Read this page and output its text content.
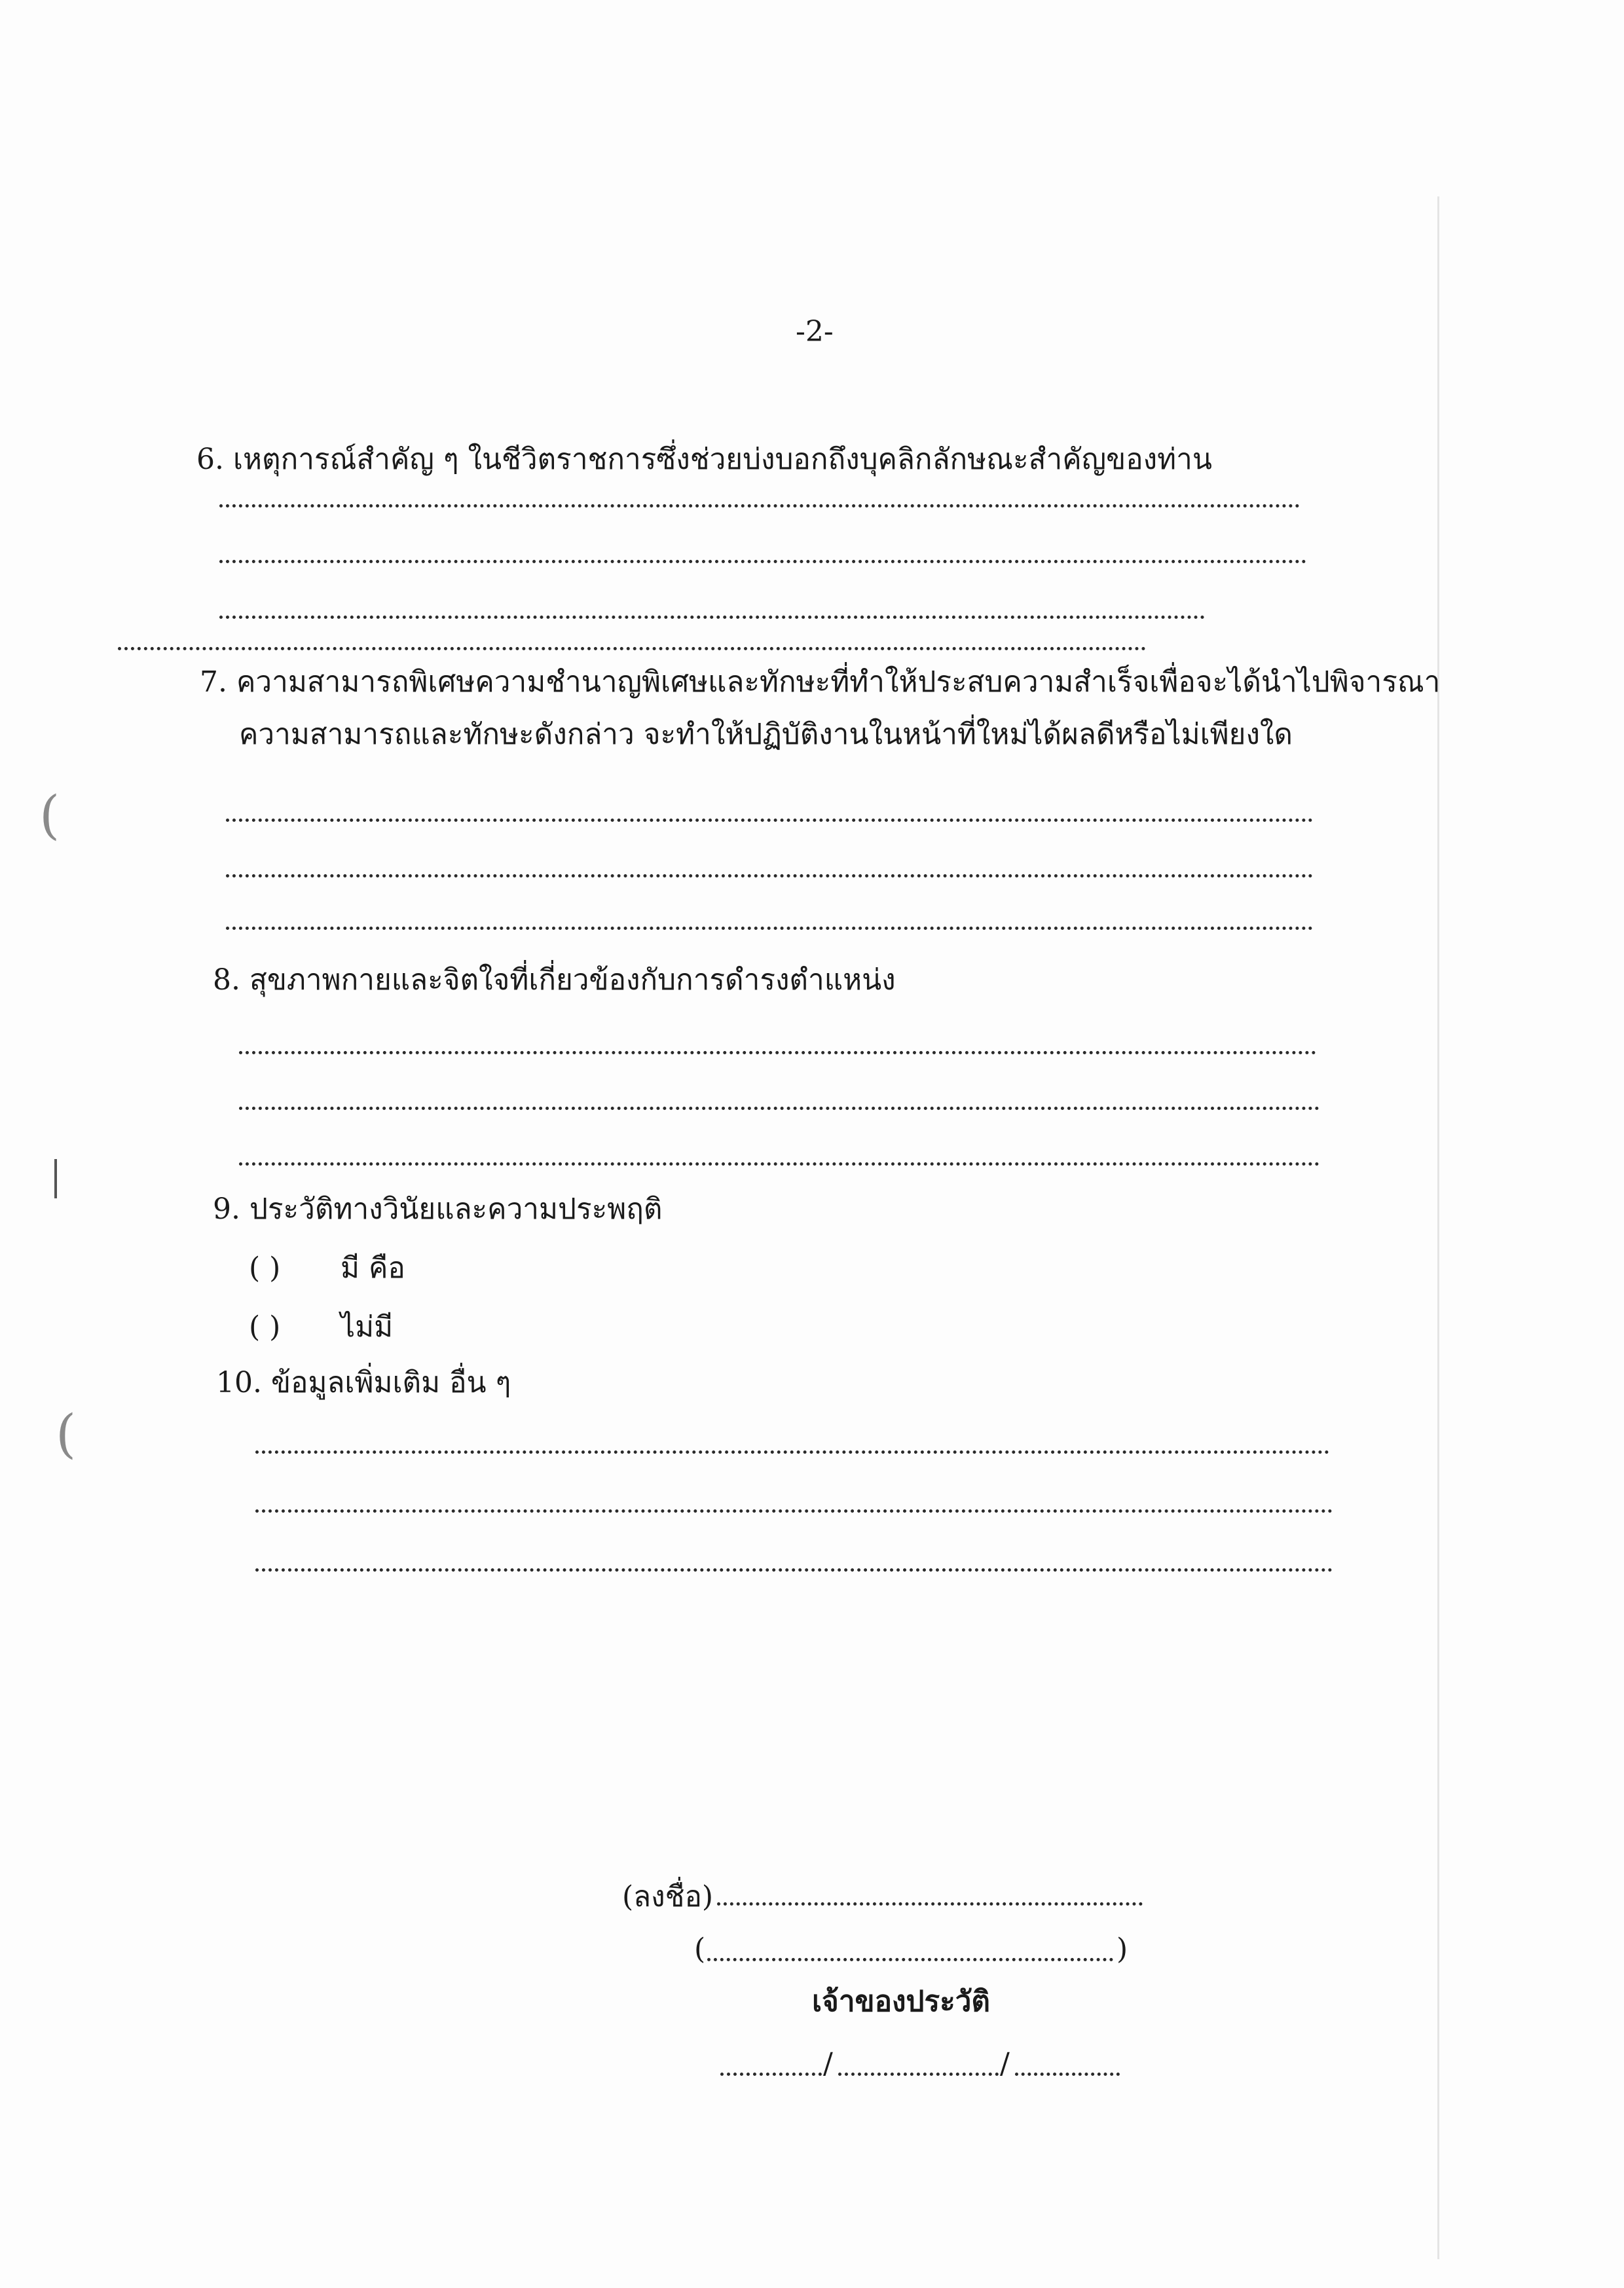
(
(
-2-
6. เหตุการณ์สำคัญ ๆ ในชีวิตราชการซึ่งช่วยบ่งบอกถึงบุคลิกลักษณะสำคัญของท่าน
7. ความสามารถพิเศษความชำนาญพิเศษและทักษะที่ทำให้ประสบความสำเร็จเพื่อจะได้นำไปพิจารณา
ความสามารถและทักษะดังกล่าว จะทำให้ปฏิบัติงานในหน้าที่ใหม่ได้ผลดีหรือไม่เพียงใด
8. สุขภาพกายและจิตใจที่เกี่ยวข้องกับการดำรงตำแหน่ง
9. ประวัติทางวินัยและความประพฤติ
( ) มี คือ
( ) ไม่มี
10. ข้อมูลเพิ่มเติม อื่น ๆ
(ลงชื่อ)
(	)
เจ้าของประวัติ
/	/
